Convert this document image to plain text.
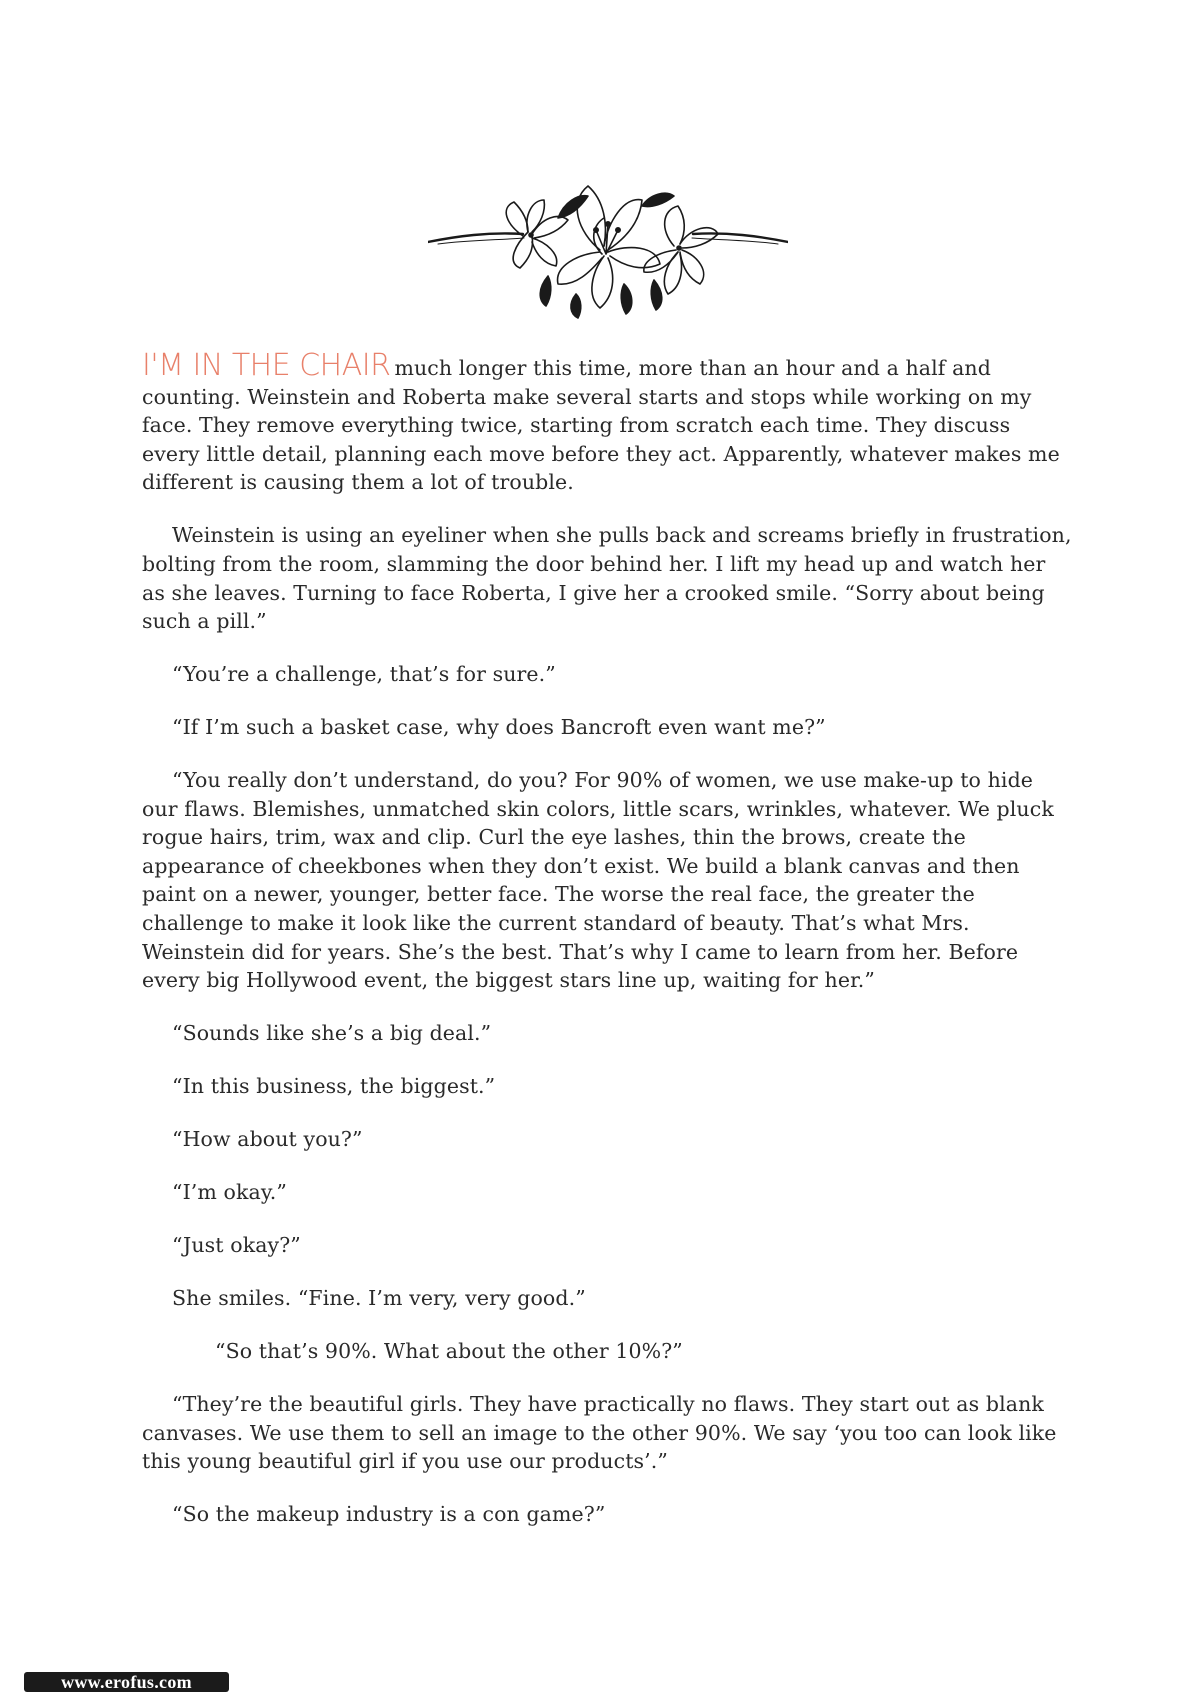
I'M IN THE CHAIR much longer this time, more than an hour and a half and counting. Weinstein and Roberta make several starts and stops while working on my face. They remove everything twice, starting from scratch each time. They discuss every little detail, planning each move before they act. Apparently, whatever makes me different is causing them a lot of trouble.

Weinstein is using an eyeliner when she pulls back and screams briefly in frustration, bolting from the room, slamming the door behind her. I lift my head up and watch her as she leaves. Turning to face Roberta, I give her a crooked smile. “Sorry about being such a pill.”

“You’re a challenge, that’s for sure.”

“If I’m such a basket case, why does Bancroft even want me?”

“You really don’t understand, do you? For 90% of women, we use make-up to hide our flaws. Blemishes, unmatched skin colors, little scars, wrinkles, whatever. We pluck rogue hairs, trim, wax and clip. Curl the eye lashes, thin the brows, create the appearance of cheekbones when they don’t exist. We build a blank canvas and then paint on a newer, younger, better face. The worse the real face, the greater the challenge to make it look like the current standard of beauty. That’s what Mrs. Weinstein did for years. She’s the best. That’s why I came to learn from her. Before every big Hollywood event, the biggest stars line up, waiting for her.”

“Sounds like she’s a big deal.”

“In this business, the biggest.”

“How about you?”

“I’m okay.”

“Just okay?”

She smiles. “Fine. I’m very, very good.”

“So that’s 90%. What about the other 10%?”

“They’re the beautiful girls. They have practically no flaws. They start out as blank canvases. We use them to sell an image to the other 90%. We say ‘you too can look like this young beautiful girl if you use our products’.”

“So the makeup industry is a con game?”

www.erofus.com
